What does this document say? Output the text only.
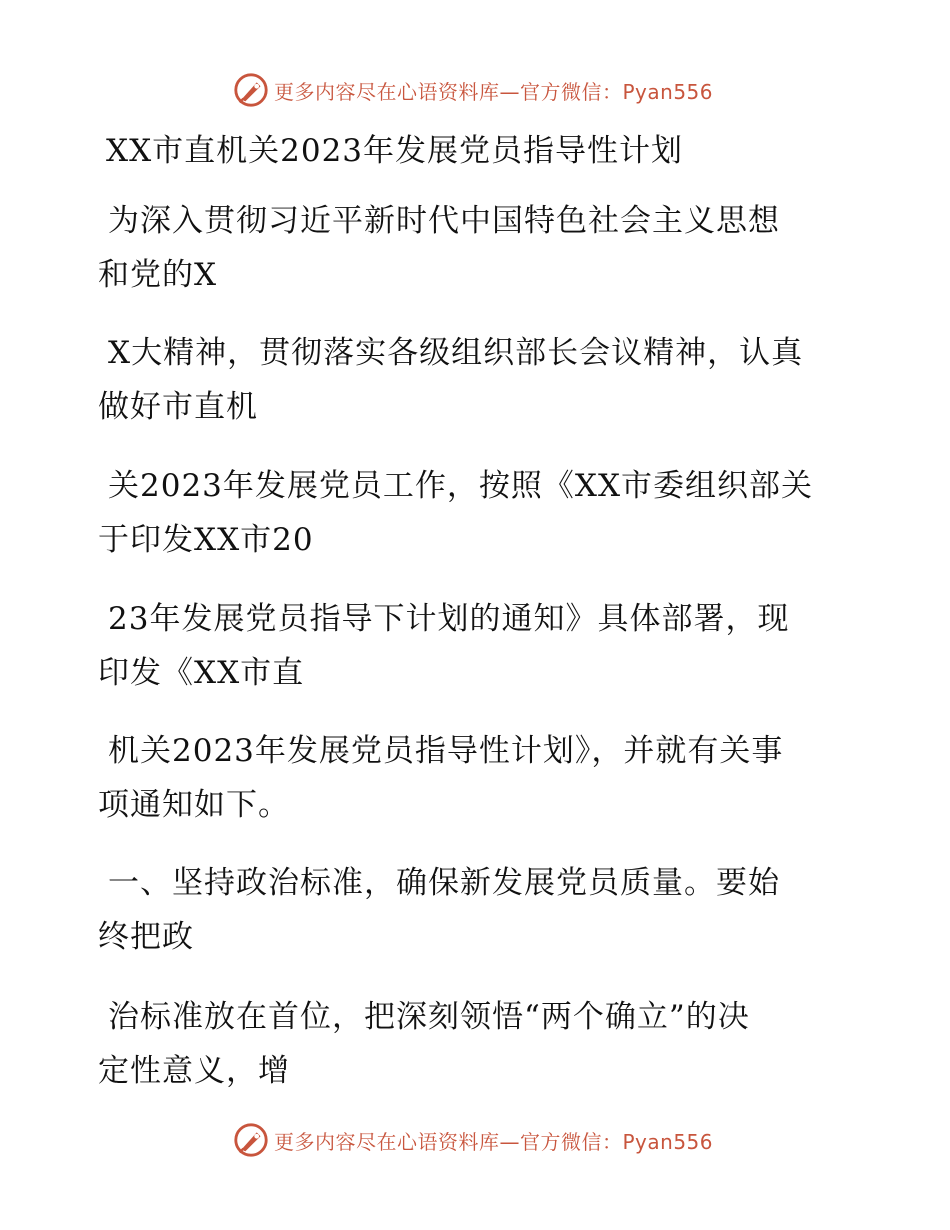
更多内容尽在心语资料库—官方微信：Pyan556
XX市直机关2023年发展党员指导性计划

为深入贯彻习近平新时代中国特色社会主义思想
和党的X

X大精神，贯彻落实各级组织部长会议精神，认真
做好市直机

关2023年发展党员工作，按照《XX市委组织部关
于印发XX市20

23年发展党员指导下计划的通知》具体部署，现
印发《XX市直

机关2023年发展党员指导性计划》，并就有关事
项通知如下。

一、坚持政治标准，确保新发展党员质量。要始
终把政

治标准放在首位，把深刻领悟“两个确立”的决
定性意义，增

更多内容尽在心语资料库—官方微信：Pyan556
